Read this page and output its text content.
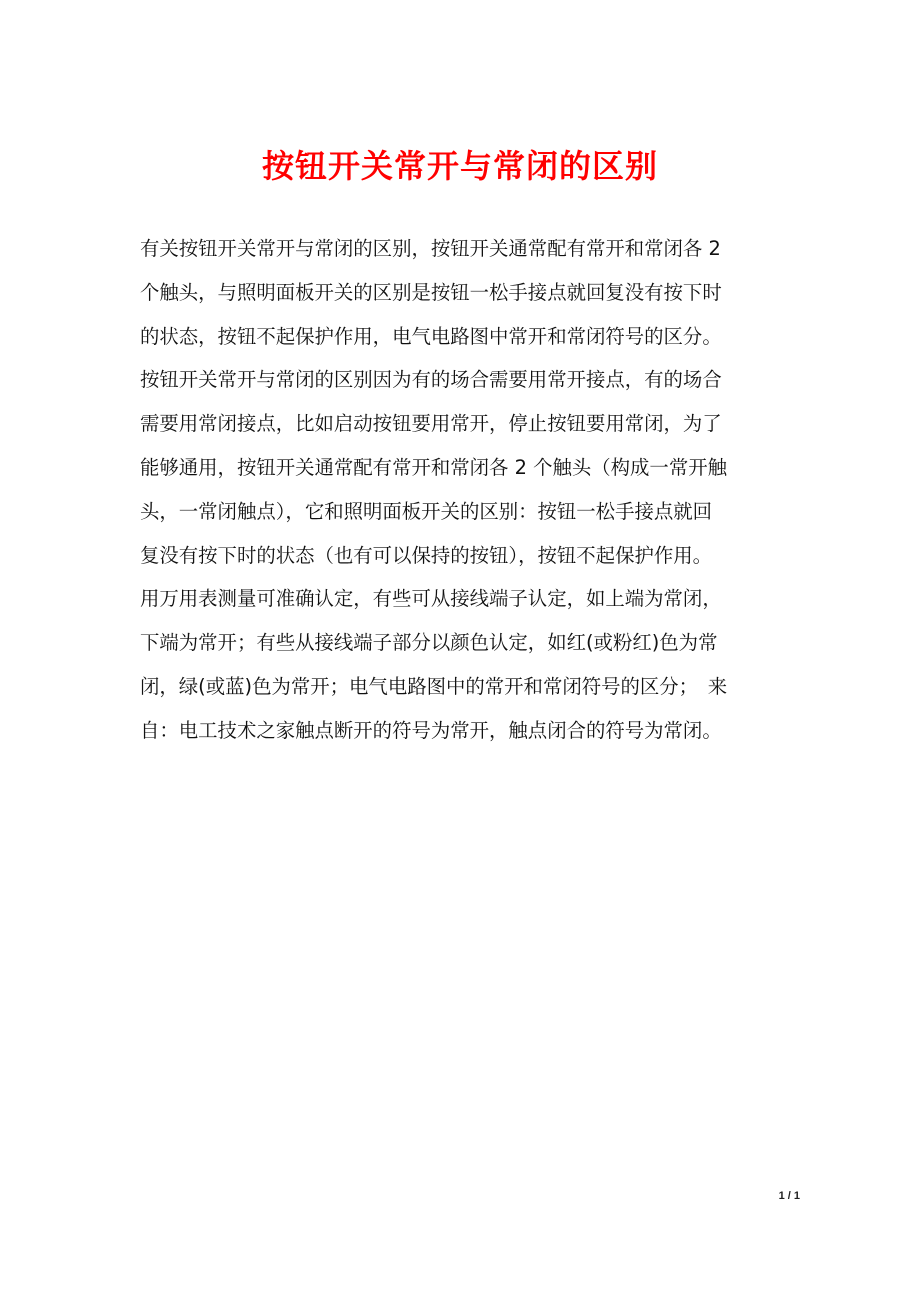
按钮开关常开与常闭的区别
有关按钮开关常开与常闭的区别，按钮开关通常配有常开和常闭各 2
个触头，与照明面板开关的区别是按钮一松手接点就回复没有按下时
的状态，按钮不起保护作用，电气电路图中常开和常闭符号的区分。
按钮开关常开与常闭的区别因为有的场合需要用常开接点，有的场合
需要用常闭接点，比如启动按钮要用常开，停止按钮要用常闭，为了
能够通用，按钮开关通常配有常开和常闭各 2 个触头（构成一常开触
头，一常闭触点），它和照明面板开关的区别：按钮一松手接点就回
复没有按下时的状态（也有可以保持的按钮），按钮不起保护作用。
用万用表测量可准确认定，有些可从接线端子认定，如上端为常闭，
下端为常开；有些从接线端子部分以颜色认定，如红(或粉红)色为常
闭，绿(或蓝)色为常开；电气电路图中的常开和常闭符号的区分；　来
自：电工技术之家触点断开的符号为常开，触点闭合的符号为常闭。
1 / 1
